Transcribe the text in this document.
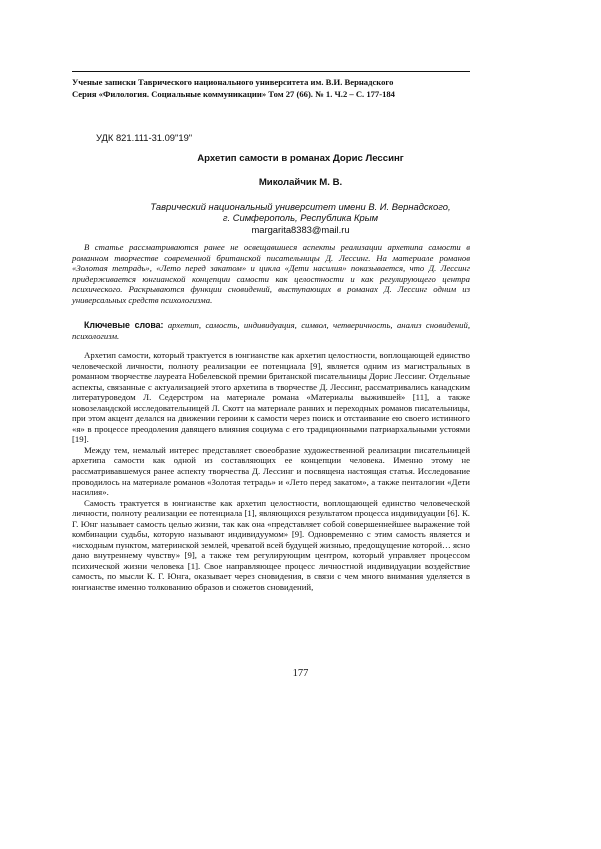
Ученые записки Таврического национального университета им. В.И. Вернадского
Серия «Филология. Социальные коммуникации» Том 27 (66). № 1. Ч.2 – С. 177-184
УДК 821.111-31.09"19"
Архетип самости в романах Дорис Лессинг
Миколайчик М. В.
Таврический национальный университет имени В. И. Вернадского,
г. Симферополь, Республика Крым
margarita8383@mail.ru
В статье рассматриваются ранее не освещавшиеся аспекты реализации архетипа самости в романном творчестве современной британской писательницы Д. Лессинг. На материале романов «Золотая тетрадь», «Лето перед закатом» и цикла «Дети насилия» показывается, что Д. Лессинг придерживается юнгианской концепции самости как целостности и как регулирующего центра психического. Раскрываются функции сновидений, выступающих в романах Д. Лессинг одним из универсальных средств психологизма.
Ключевые слова: архетип, самость, индивидуация, символ, четверичность, анализ сновидений, психологизм.

Архетип самости, который трактуется в юнгианстве как архетип целостности, воплощающей единство человеческой личности, полноту реализации ее потенциала [9], является одним из магистральных в романном творчестве лауреата Нобелевской премии британской писательницы Дорис Лессинг. Отдельные аспекты, связанные с актуализацией этого архетипа в творчестве Д. Лессинг, рассматривались канадским литературоведом Л. Седерстром на материале романа «Материалы выжившей» [11], а также новозеландской исследовательницей Л. Скотт на материале ранних и переходных романов писательницы, при этом акцент делался на движении героини к самости через поиск и отстаивание ею своего истинного «я» в процессе преодоления давящего влияния социума с его традиционными патриархальными устоями [19].

Между тем, немалый интерес представляет своеобразие художественной реализации писательницей архетипа самости как одной из составляющих ее концепции человека. Именно этому не рассматривавшемуся ранее аспекту творчества Д. Лессинг и посвящена настоящая статья. Исследование проводилось на материале романов «Золотая тетрадь» и «Лето перед закатом», а также пенталогии «Дети насилия».

Самость трактуется в юнгианстве как архетип целостности, воплощающей единство человеческой личности, полноту реализации ее потенциала [1], являющихся результатом процесса индивидуации [6]. К. Г. Юнг называет самость целью жизни, так как она «представляет собой совершеннейшее выражение той комбинации судьбы, которую называют индивидуумом» [9]. Одновременно с этим самость является и «исходным пунктом, материнской землей, чреватой всей будущей жизнью, предощущение которой… ясно дано внутреннему чувству» [9], а также тем регулирующим центром, который управляет процессом психической жизни человека [1]. Свое направляющее процесс личностной индивидуации воздействие самость, по мысли К. Г. Юнга, оказывает через сновидения, в связи с чем много внимания уделяется в юнгианстве именно толкованию образов и сюжетов сновидений,

177
